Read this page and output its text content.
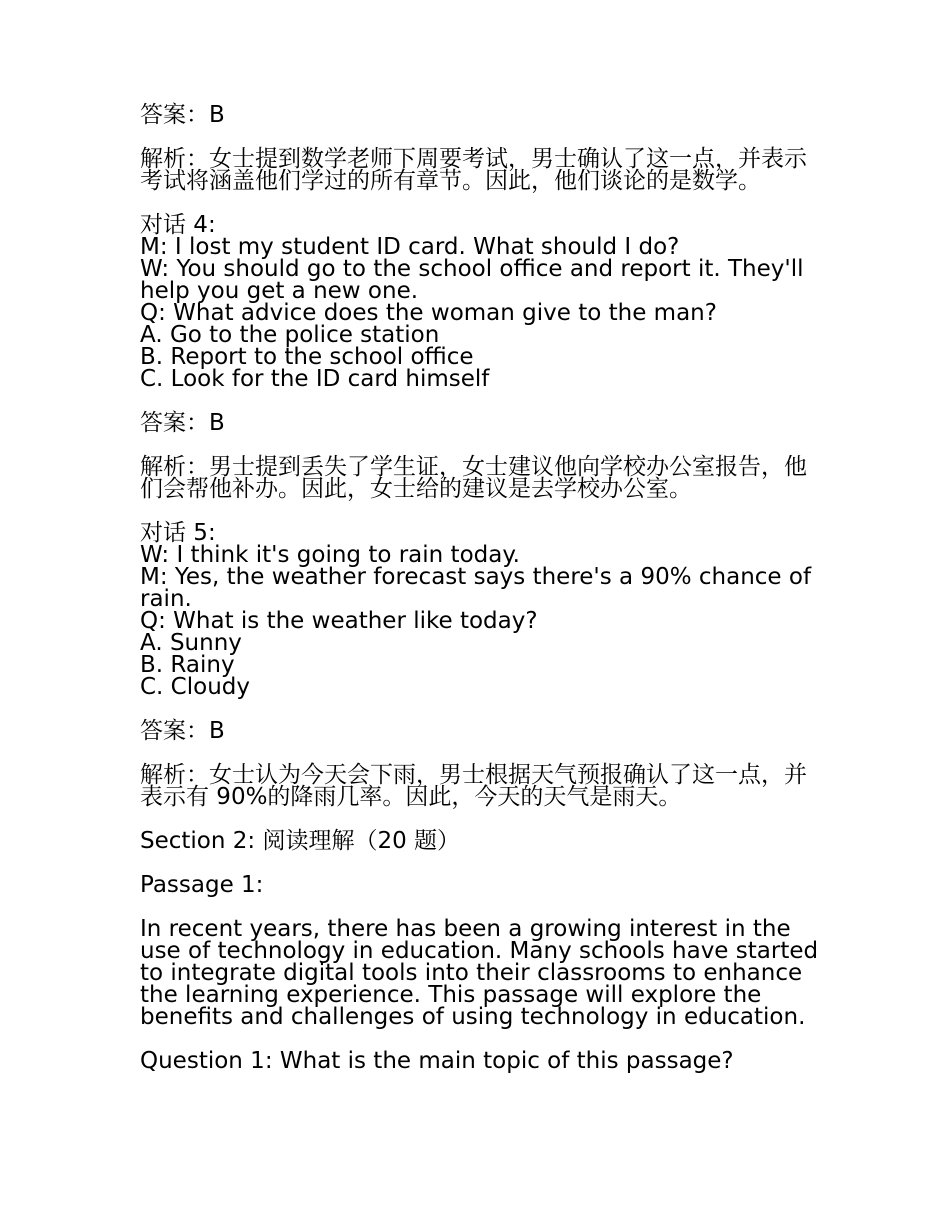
答案：B

解析：女士提到数学老师下周要考试，男士确认了这一点，并表示考试将涵盖他们学过的所有章节。因此，他们谈论的是数学。

对话 4:
M: I lost my student ID card. What should I do?
W: You should go to the school office and report it. They'll help you get a new one.
Q: What advice does the woman give to the man?
A. Go to the police station
B. Report to the school office
C. Look for the ID card himself

答案：B

解析：男士提到丢失了学生证，女士建议他向学校办公室报告，他们会帮他补办。因此，女士给的建议是去学校办公室。

对话 5:
W: I think it's going to rain today.
M: Yes, the weather forecast says there's a 90% chance of rain.
Q: What is the weather like today?
A. Sunny
B. Rainy
C. Cloudy

答案：B

解析：女士认为今天会下雨，男士根据天气预报确认了这一点，并表示有 90%的降雨几率。因此，今天的天气是雨天。

Section 2: 阅读理解（20 题）

Passage 1:

In recent years, there has been a growing interest in the use of technology in education. Many schools have started to integrate digital tools into their classrooms to enhance the learning experience. This passage will explore the benefits and challenges of using technology in education.

Question 1: What is the main topic of this passage?
